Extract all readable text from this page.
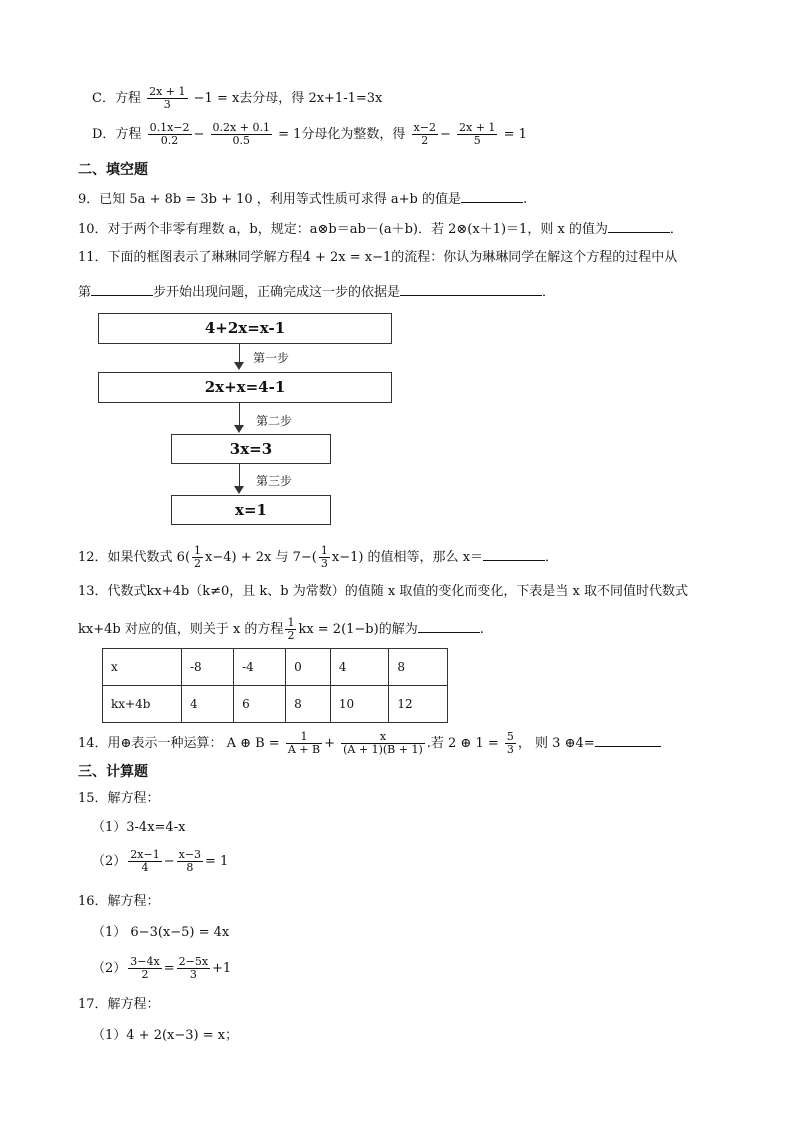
C．方程 $\frac{2x + 1}{3} -1 = x$去分母，得 2x+1-1=3x
D．方程 $\frac{0.1x-2}{0.2} - \frac{0.2x + 0.1}{0.5} = 1$分母化为整数，得 $\frac{x-2}{2} - \frac{2x + 1}{5} = 1$
二、填空题
9．已知 5a + 8b = 3b + 10 ，利用等式性质可求得 a+b 的值是	.
10．对于两个非零有理数 a，b，规定：a⊗b＝ab－(a＋b)．若 2⊗(x＋1)＝1，则 x 的值为	．
11．下面的框图表示了琳琳同学解方程4 + 2x = x−1的流程：你认为琳琳同学在解这个方程的过程中从
第	步开始出现问题，正确完成这一步的依据是	．
4+2x=x-1
第一步
2x+x=4-1
第二步
3x=3
第三步
x=1
12．如果代数式 $6( \frac{1}{2} x-4) + 2x$ 与 $7-( \frac{1}{3} x-1)$ 的值相等，那么 x＝	．
13．代数式kx+4b（k≠0，且 k、b 为常数）的值随 x 取值的变化而变化，下表是当 x 取不同值时代数式
kx+4b 对应的值，则关于 x 的方程 $\frac{1}{2}$ kx = 2(1−b)的解为	.
x	-8	-4	0	4	8
kx+4b	4	6	8	10	12
14．用⊕表示一种运算： A ⊕ $B = \frac{1}{A + B} + \frac{x}{(A + 1)(B + 1)}$ .若 2 ⊕ $1 = \frac{5}{3}$ ， 则 3 ⊕4=
三、计算题
15．解方程：
（1）3-4x=4-x
$(2) \frac{2x-1}{4} - \frac{x-3}{8} = 1$
16．解方程：
（1） 6−3(x−5) = 4x
$(2) \frac{3-4x}{2} = \frac{2-5x}{3} +1$
17．解方程：
（1）4 + 2(x−3) = x；
